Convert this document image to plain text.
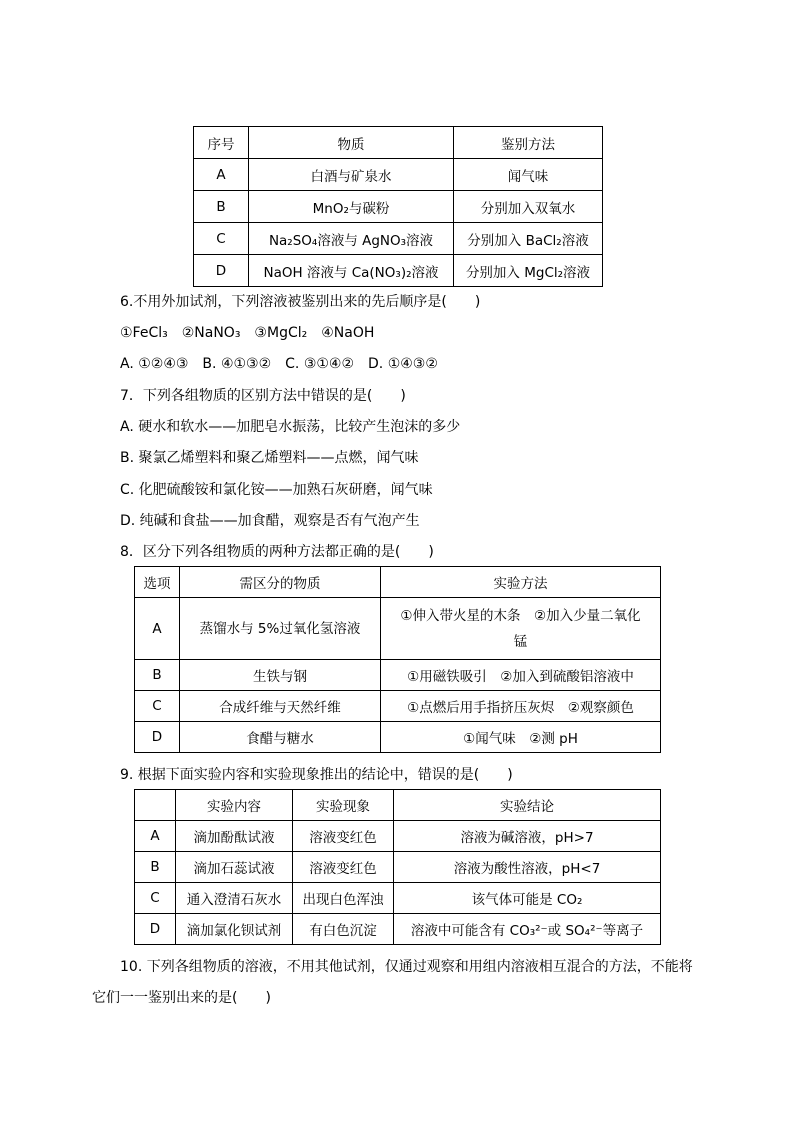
序号	物质	鉴别方法
A	白酒与矿泉水	闻气味
B	MnO₂与碳粉	分别加入双氧水
C	Na₂SO₄溶液与 AgNO₃溶液	分别加入 BaCl₂溶液
D	NaOH 溶液与 Ca(NO₃)₂溶液	分别加入 MgCl₂溶液
6.不用外加试剂，下列溶液被鉴别出来的先后顺序是(　　)
①FeCl₃　②NaNO₃　③MgCl₂　④NaOH
A. ①②④③　B. ④①③②　C. ③①④②　D. ①④③②
7．下列各组物质的区别方法中错误的是(　　)
A. 硬水和软水——加肥皂水振荡，比较产生泡沫的多少
B. 聚氯乙烯塑料和聚乙烯塑料——点燃，闻气味
C. 化肥硫酸铵和氯化铵——加熟石灰研磨，闻气味
D. 纯碱和食盐——加食醋，观察是否有气泡产生
8．区分下列各组物质的两种方法都正确的是(　　)
选项	需区分的物质	实验方法
A	蒸馏水与 5%过氧化氢溶液	①伸入带火星的木条　②加入少量二氧化
锰

B	生铁与钢	①用磁铁吸引　②加入到硫酸铝溶液中
C	合成纤维与天然纤维	①点燃后用手指挤压灰烬　②观察颜色
D	食醋与糖水	①闻气味　②测 pH
9. 根据下面实验内容和实验现象推出的结论中，错误的是(　　)
	实验内容	实验现象	实验结论
A	滴加酚酞试液	溶液变红色	溶液为碱溶液，pH>7
B	滴加石蕊试液	溶液变红色	溶液为酸性溶液，pH<7
C	通入澄清石灰水	出现白色浑浊	该气体可能是 CO₂
D	滴加氯化钡试剂	有白色沉淀	溶液中可能含有 CO₃²⁻或 SO₄²⁻等离子
10. 下列各组物质的溶液，不用其他试剂，仅通过观察和用组内溶液相互混合的方法，不能将
它们一一鉴别出来的是(　　)
